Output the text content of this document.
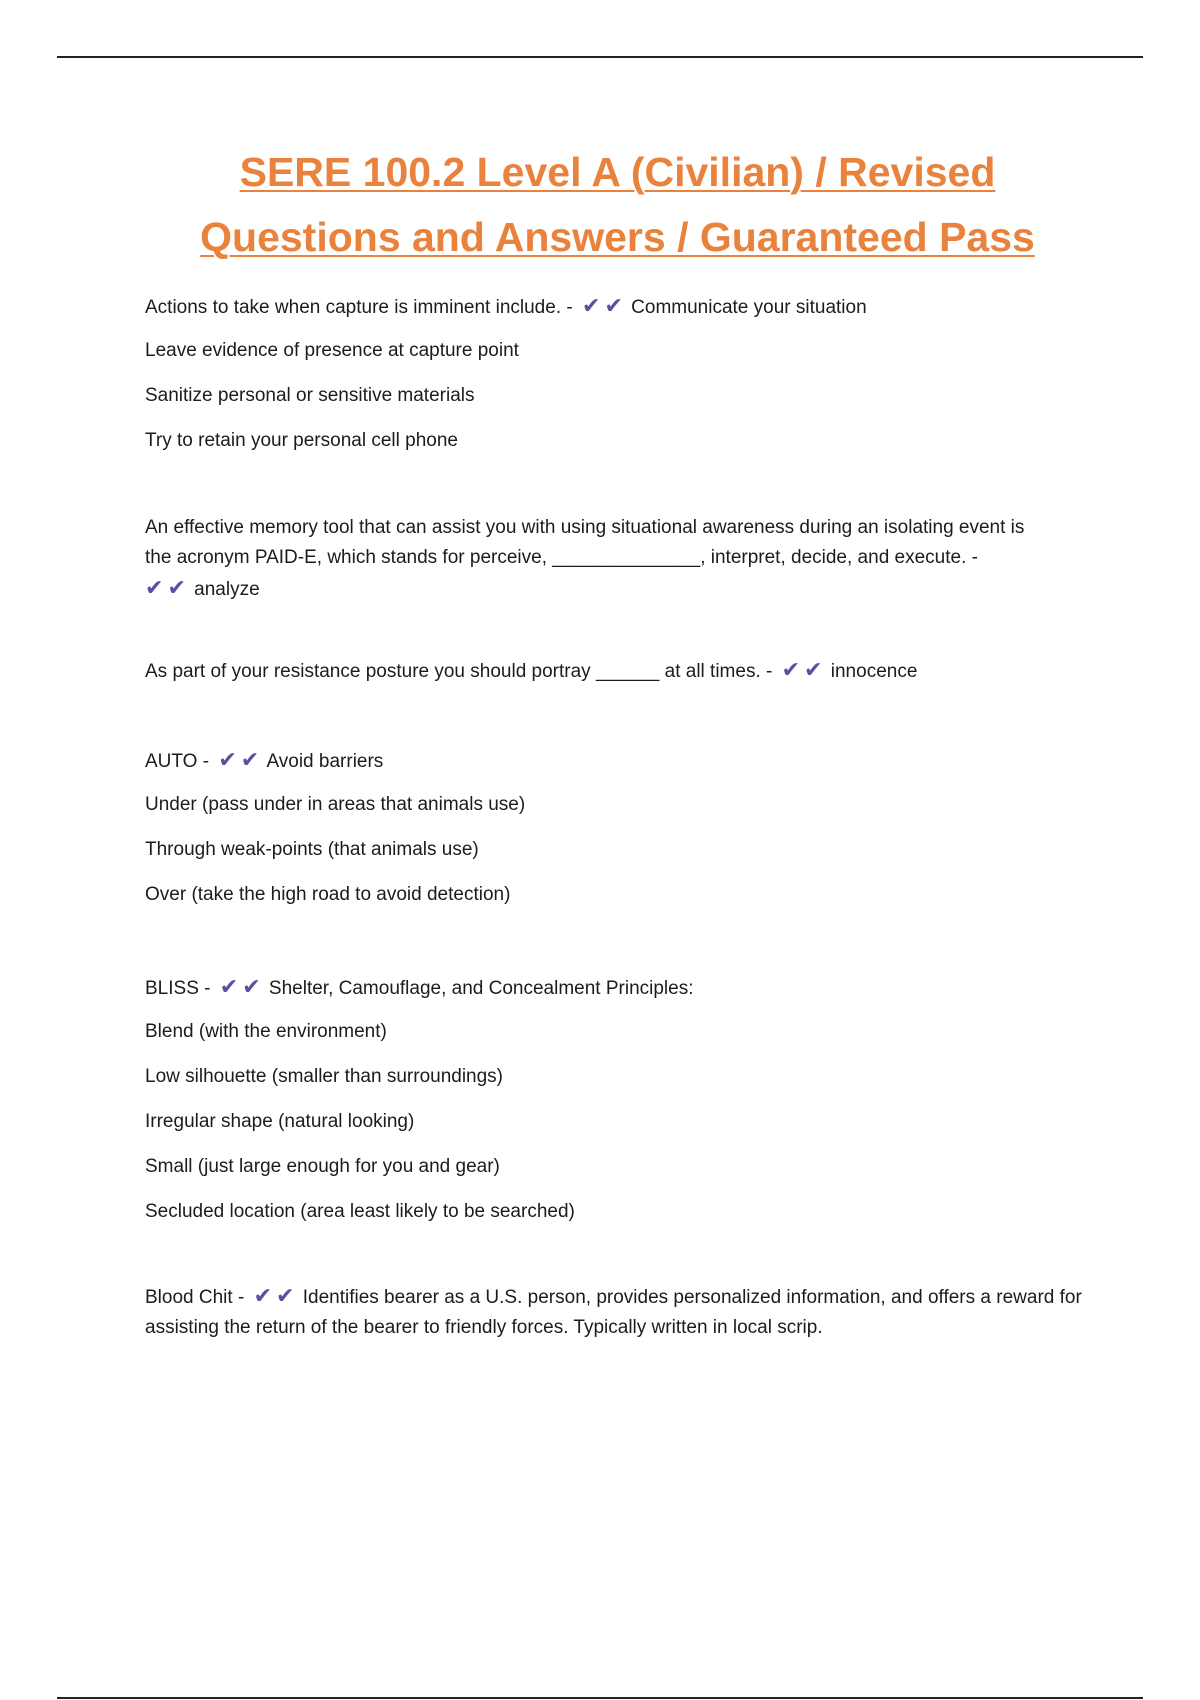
SERE 100.2 Level A (Civilian) / Revised
Questions and Answers / Guaranteed Pass
Actions to take when capture is imminent include. - ✔ ✔ Communicate your situation
Leave evidence of presence at capture point
Sanitize personal or sensitive materials
Try to retain your personal cell phone
An effective memory tool that can assist you with using situational awareness during an isolating event is
the acronym PAID-E, which stands for perceive, ______________, interpret, decide, and execute. -
✔ ✔ analyze
As part of your resistance posture you should portray ______ at all times. - ✔ ✔ innocence
AUTO - ✔ ✔ Avoid barriers
Under (pass under in areas that animals use)
Through weak-points (that animals use)
Over (take the high road to avoid detection)
BLISS - ✔ ✔ Shelter, Camouflage, and Concealment Principles:
Blend (with the environment)
Low silhouette (smaller than surroundings)
Irregular shape (natural looking)
Small (just large enough for you and gear)
Secluded location (area least likely to be searched)
Blood Chit - ✔ ✔ Identifies bearer as a U.S. person, provides personalized information, and offers a reward for assisting the return of the bearer to friendly forces. Typically written in local scrip.
